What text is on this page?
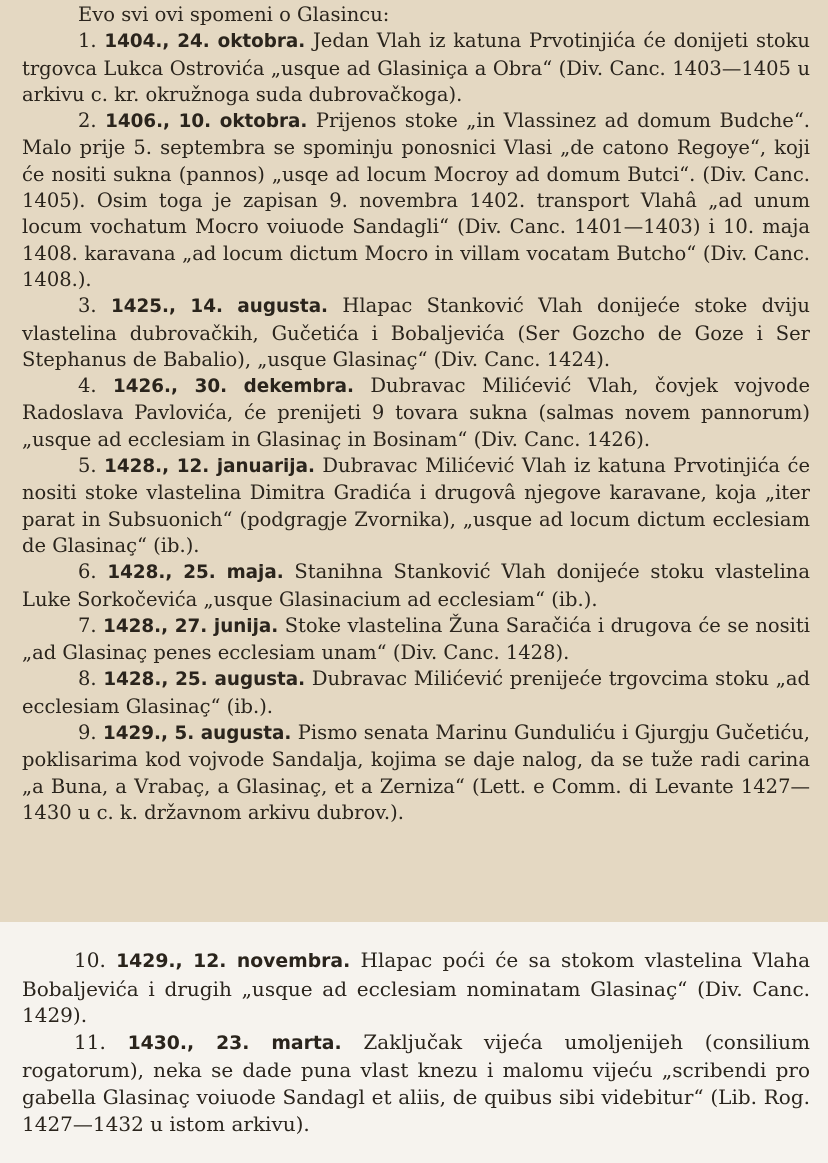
Evo svi ovi spomeni o Glasincu:

1. 1404., 24. oktobra. Jedan Vlah iz katuna Prvotinjića će donijeti stoku trgovca Lukca Ostrovića „usque ad Glasiniça a Obra“ (Div. Canc. 1403—1405 u arkivu c. kr. okružnoga suda dubrovačkoga).

2. 1406., 10. oktobra. Prijenos stoke „in Vlassinez ad domum Budche“. Malo prije 5. septembra se spominju ponosnici Vlasi „de catono Regoye“, koji će nositi sukna (pannos) „usqe ad locum Mocroy ad domum Butci“. (Div. Canc. 1405). Osim toga je zapisan 9. novembra 1402. transport Vlahâ „ad unum locum vochatum Mocro voiuode Sandagli“ (Div. Canc. 1401—1403) i 10. maja 1408. karavana „ad locum dictum Mocro in villam vocatam Butcho“ (Div. Canc. 1408.).

3. 1425., 14. augusta. Hlapac Stanković Vlah donijeće stoke dviju vlastelina dubrovačkih, Gučetića i Bobaljevića (Ser Gozcho de Goze i Ser Stephanus de Babalio), „usque Glasinaç“ (Div. Canc. 1424).

4. 1426., 30. dekembra. Dubravac Milićević Vlah, čovjek vojvode Radoslava Pavlovića, će prenijeti 9 tovara sukna (salmas novem pannorum) „usque ad ecclesiam in Glasinaç in Bosinam“ (Div. Canc. 1426).

5. 1428., 12. januarija. Dubravac Milićević Vlah iz katuna Prvotinjića će nositi stoke vlastelina Dimitra Gradića i drugovâ njegove karavane, koja „iter parat in Subsuonich“ (podgragje Zvornika), „usque ad locum dictum ecclesiam de Glasinaç“ (ib.).

6. 1428., 25. maja. Stanihna Stanković Vlah donijeće stoku vlastelina Luke Sorkočevića „usque Glasinacium ad ecclesiam“ (ib.).

7. 1428., 27. junija. Stoke vlastelina Žuna Saračića i drugova će se nositi „ad Glasinaç penes ecclesiam unam“ (Div. Canc. 1428).

8. 1428., 25. augusta. Dubravac Milićević prenijeće trgovcima stoku „ad ecclesiam Glasinaç“ (ib.).

9. 1429., 5. augusta. Pismo senata Marinu Gunduliću i Gjurgju Gučetiću, poklisarima kod vojvode Sandalja, kojima se daje nalog, da se tuže radi carina „a Buna, a Vrabaç, a Glasinaç, et a Zerniza“ (Lett. e Comm. di Levante 1427—1430 u c. k. državnom arkivu dubrov.).

10. 1429., 12. novembra. Hlapac poći će sa stokom vlastelina Vlaha Bobaljevića i drugih „usque ad ecclesiam nominatam Glasinaç“ (Div. Canc. 1429).

11. 1430., 23. marta. Zaključak vijeća umoljenijeh (consilium rogatorum), neka se dade puna vlast knezu i malomu vijeću „scribendi pro gabella Glasinaç voiuode Sandagl et aliis, de quibus sibi videbitur“ (Lib. Rog. 1427—1432 u istom arkivu).
